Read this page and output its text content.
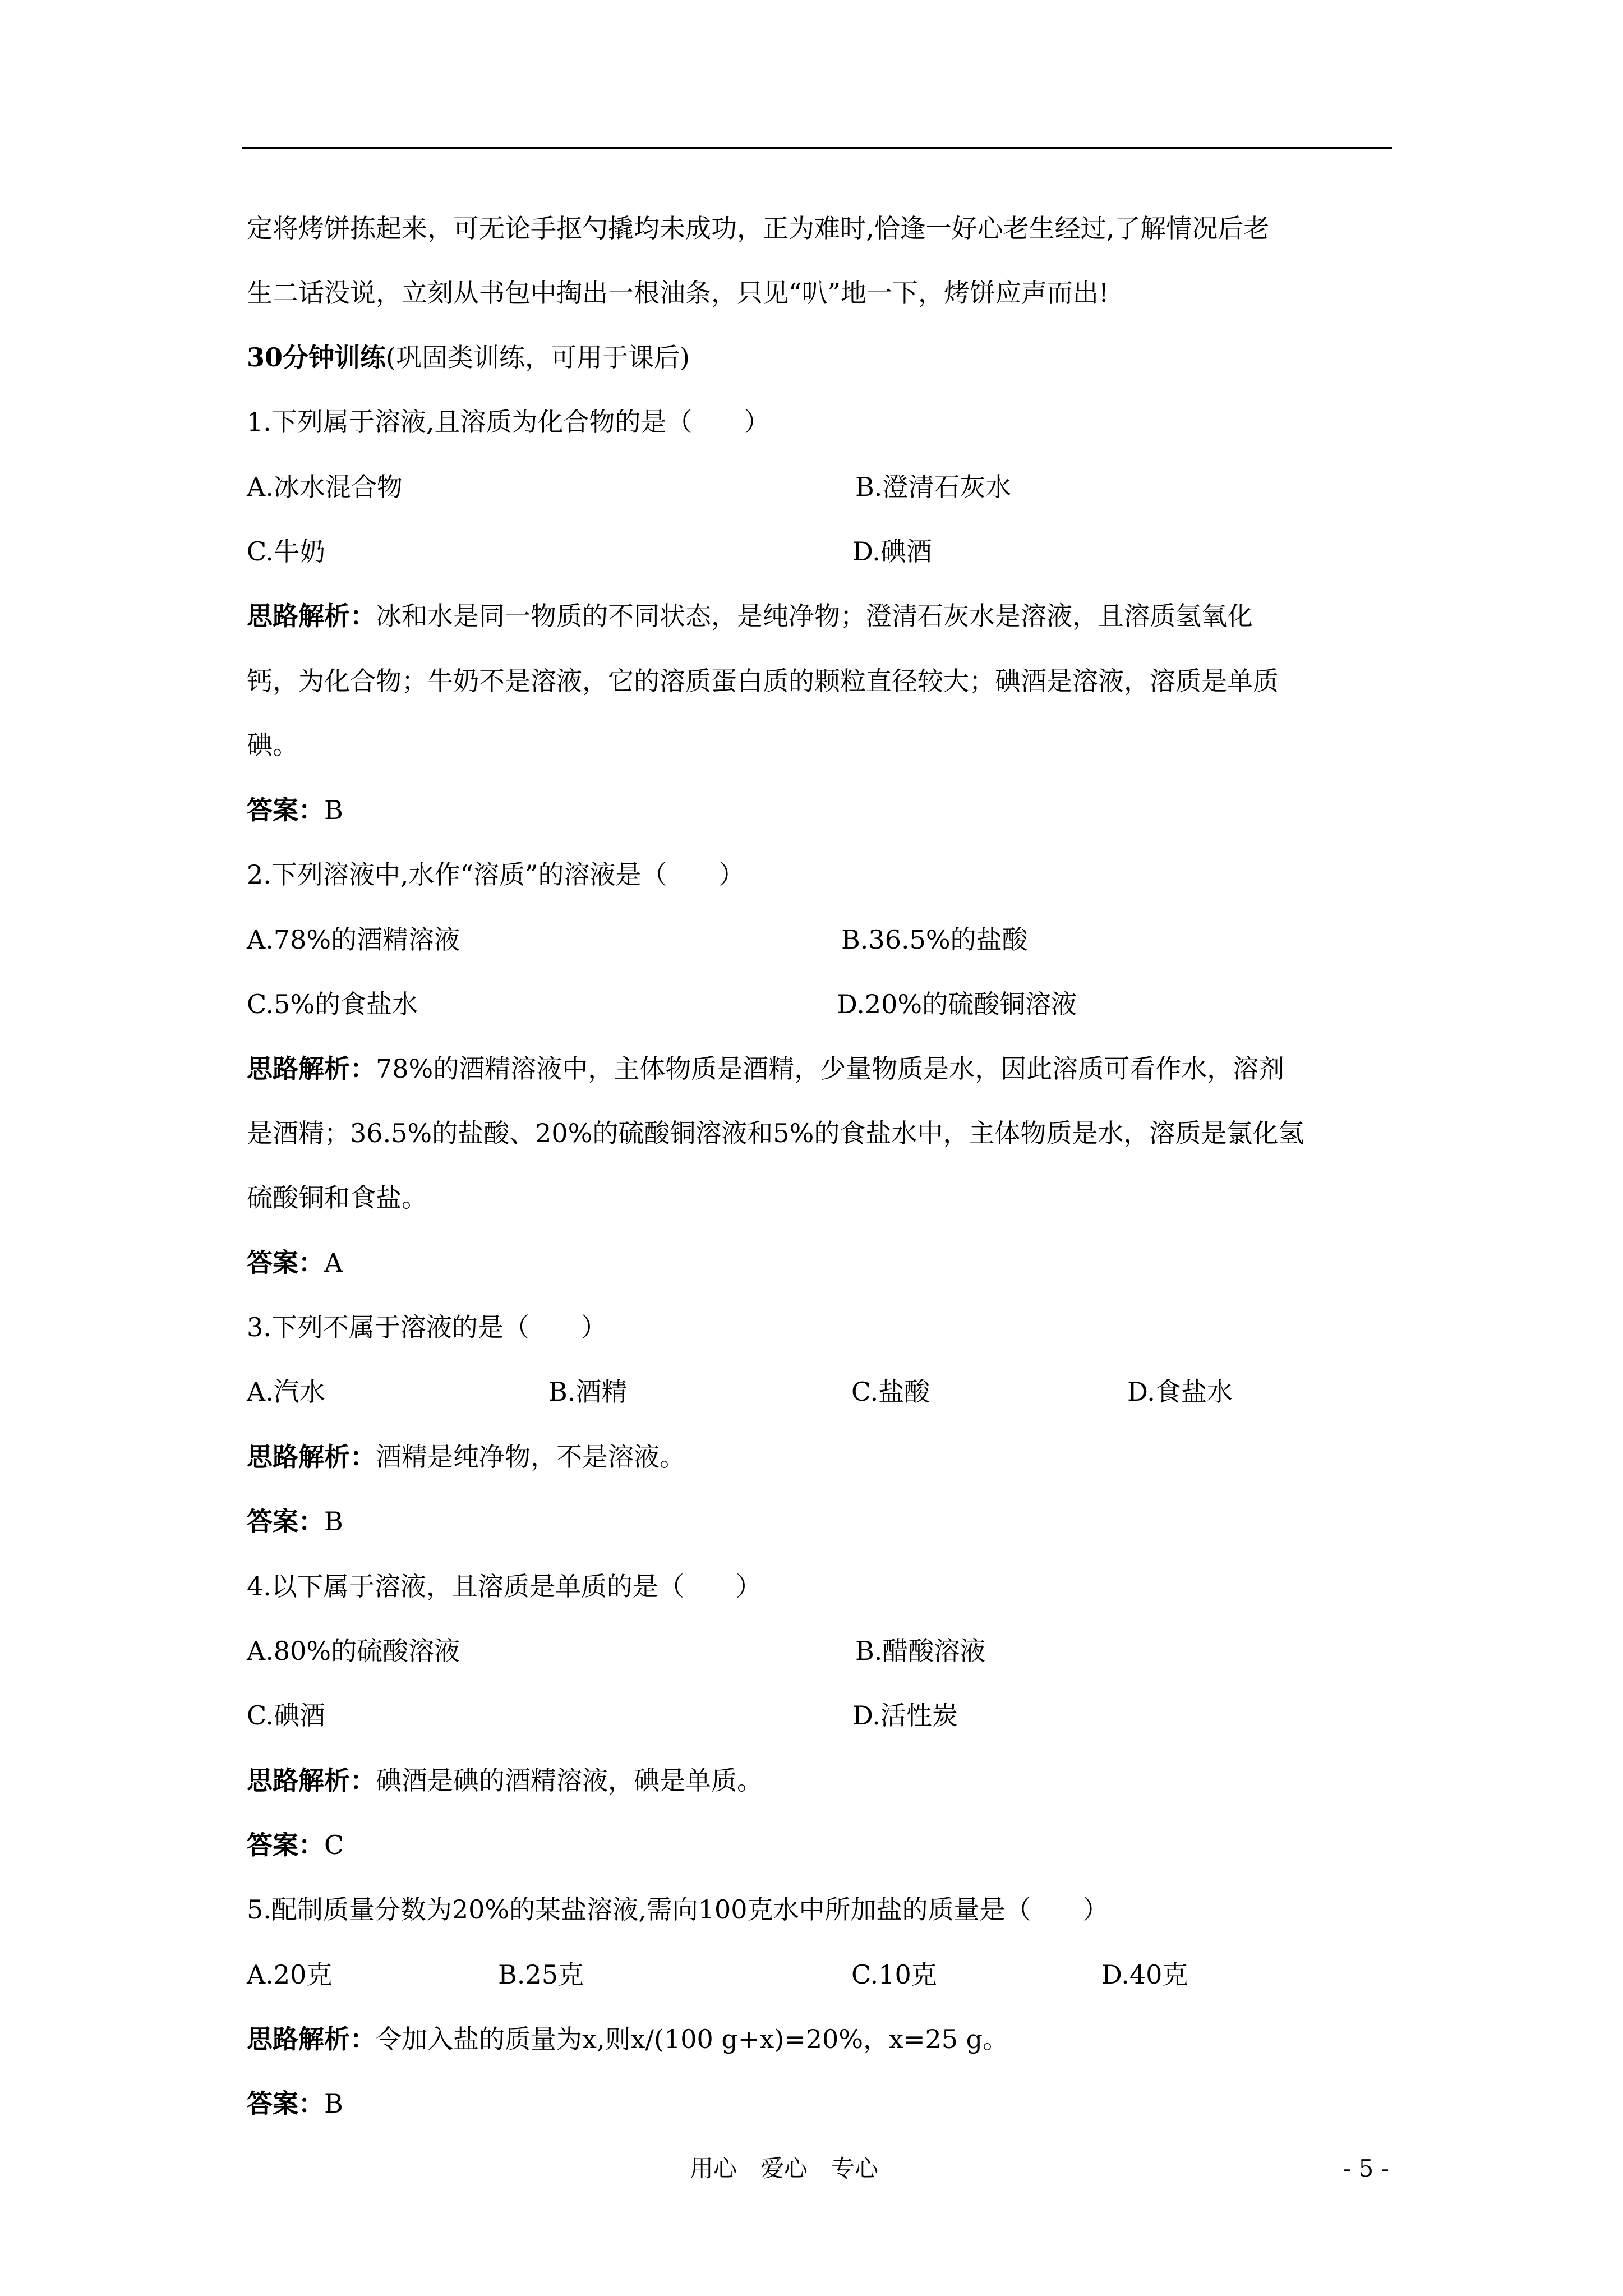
定将烤饼拣起来，可无论手抠勺撬均未成功，正为难时,恰逢一好心老生经过,了解情况后老
生二话没说，立刻从书包中掏出一根油条，只见“叭”地一下，烤饼应声而出!
30分钟训练(巩固类训练，可用于课后)
1.下列属于溶液,且溶质为化合物的是（　　）
A.冰水混合物	B.澄清石灰水
C.牛奶	D.碘酒
思路解析：冰和水是同一物质的不同状态，是纯净物；澄清石灰水是溶液，且溶质氢氧化
钙，为化合物；牛奶不是溶液，它的溶质蛋白质的颗粒直径较大；碘酒是溶液，溶质是单质
碘。
答案：B
2.下列溶液中,水作“溶质”的溶液是（　　）
A.78%的酒精溶液	B.36.5%的盐酸
C.5%的食盐水	D.20%的硫酸铜溶液
思路解析：78%的酒精溶液中，主体物质是酒精，少量物质是水，因此溶质可看作水，溶剂
是酒精；36.5%的盐酸、20%的硫酸铜溶液和5%的食盐水中，主体物质是水，溶质是氯化氢
硫酸铜和食盐。
答案：A
3.下列不属于溶液的是（　　）
A.汽水	B.酒精	C.盐酸	D.食盐水
思路解析：酒精是纯净物，不是溶液。
答案：B
4.以下属于溶液，且溶质是单质的是（　　）
A.80%的硫酸溶液	B.醋酸溶液
C.碘酒	D.活性炭
思路解析：碘酒是碘的酒精溶液，碘是单质。
答案：C
5.配制质量分数为20%的某盐溶液,需向100克水中所加盐的质量是（　　）
A.20克	B.25克	C.10克	D.40克
思路解析：令加入盐的质量为x,则x/(100 g+x)=20%，x=25 g。
答案：B
用心　爱心　专心	- 5 -
